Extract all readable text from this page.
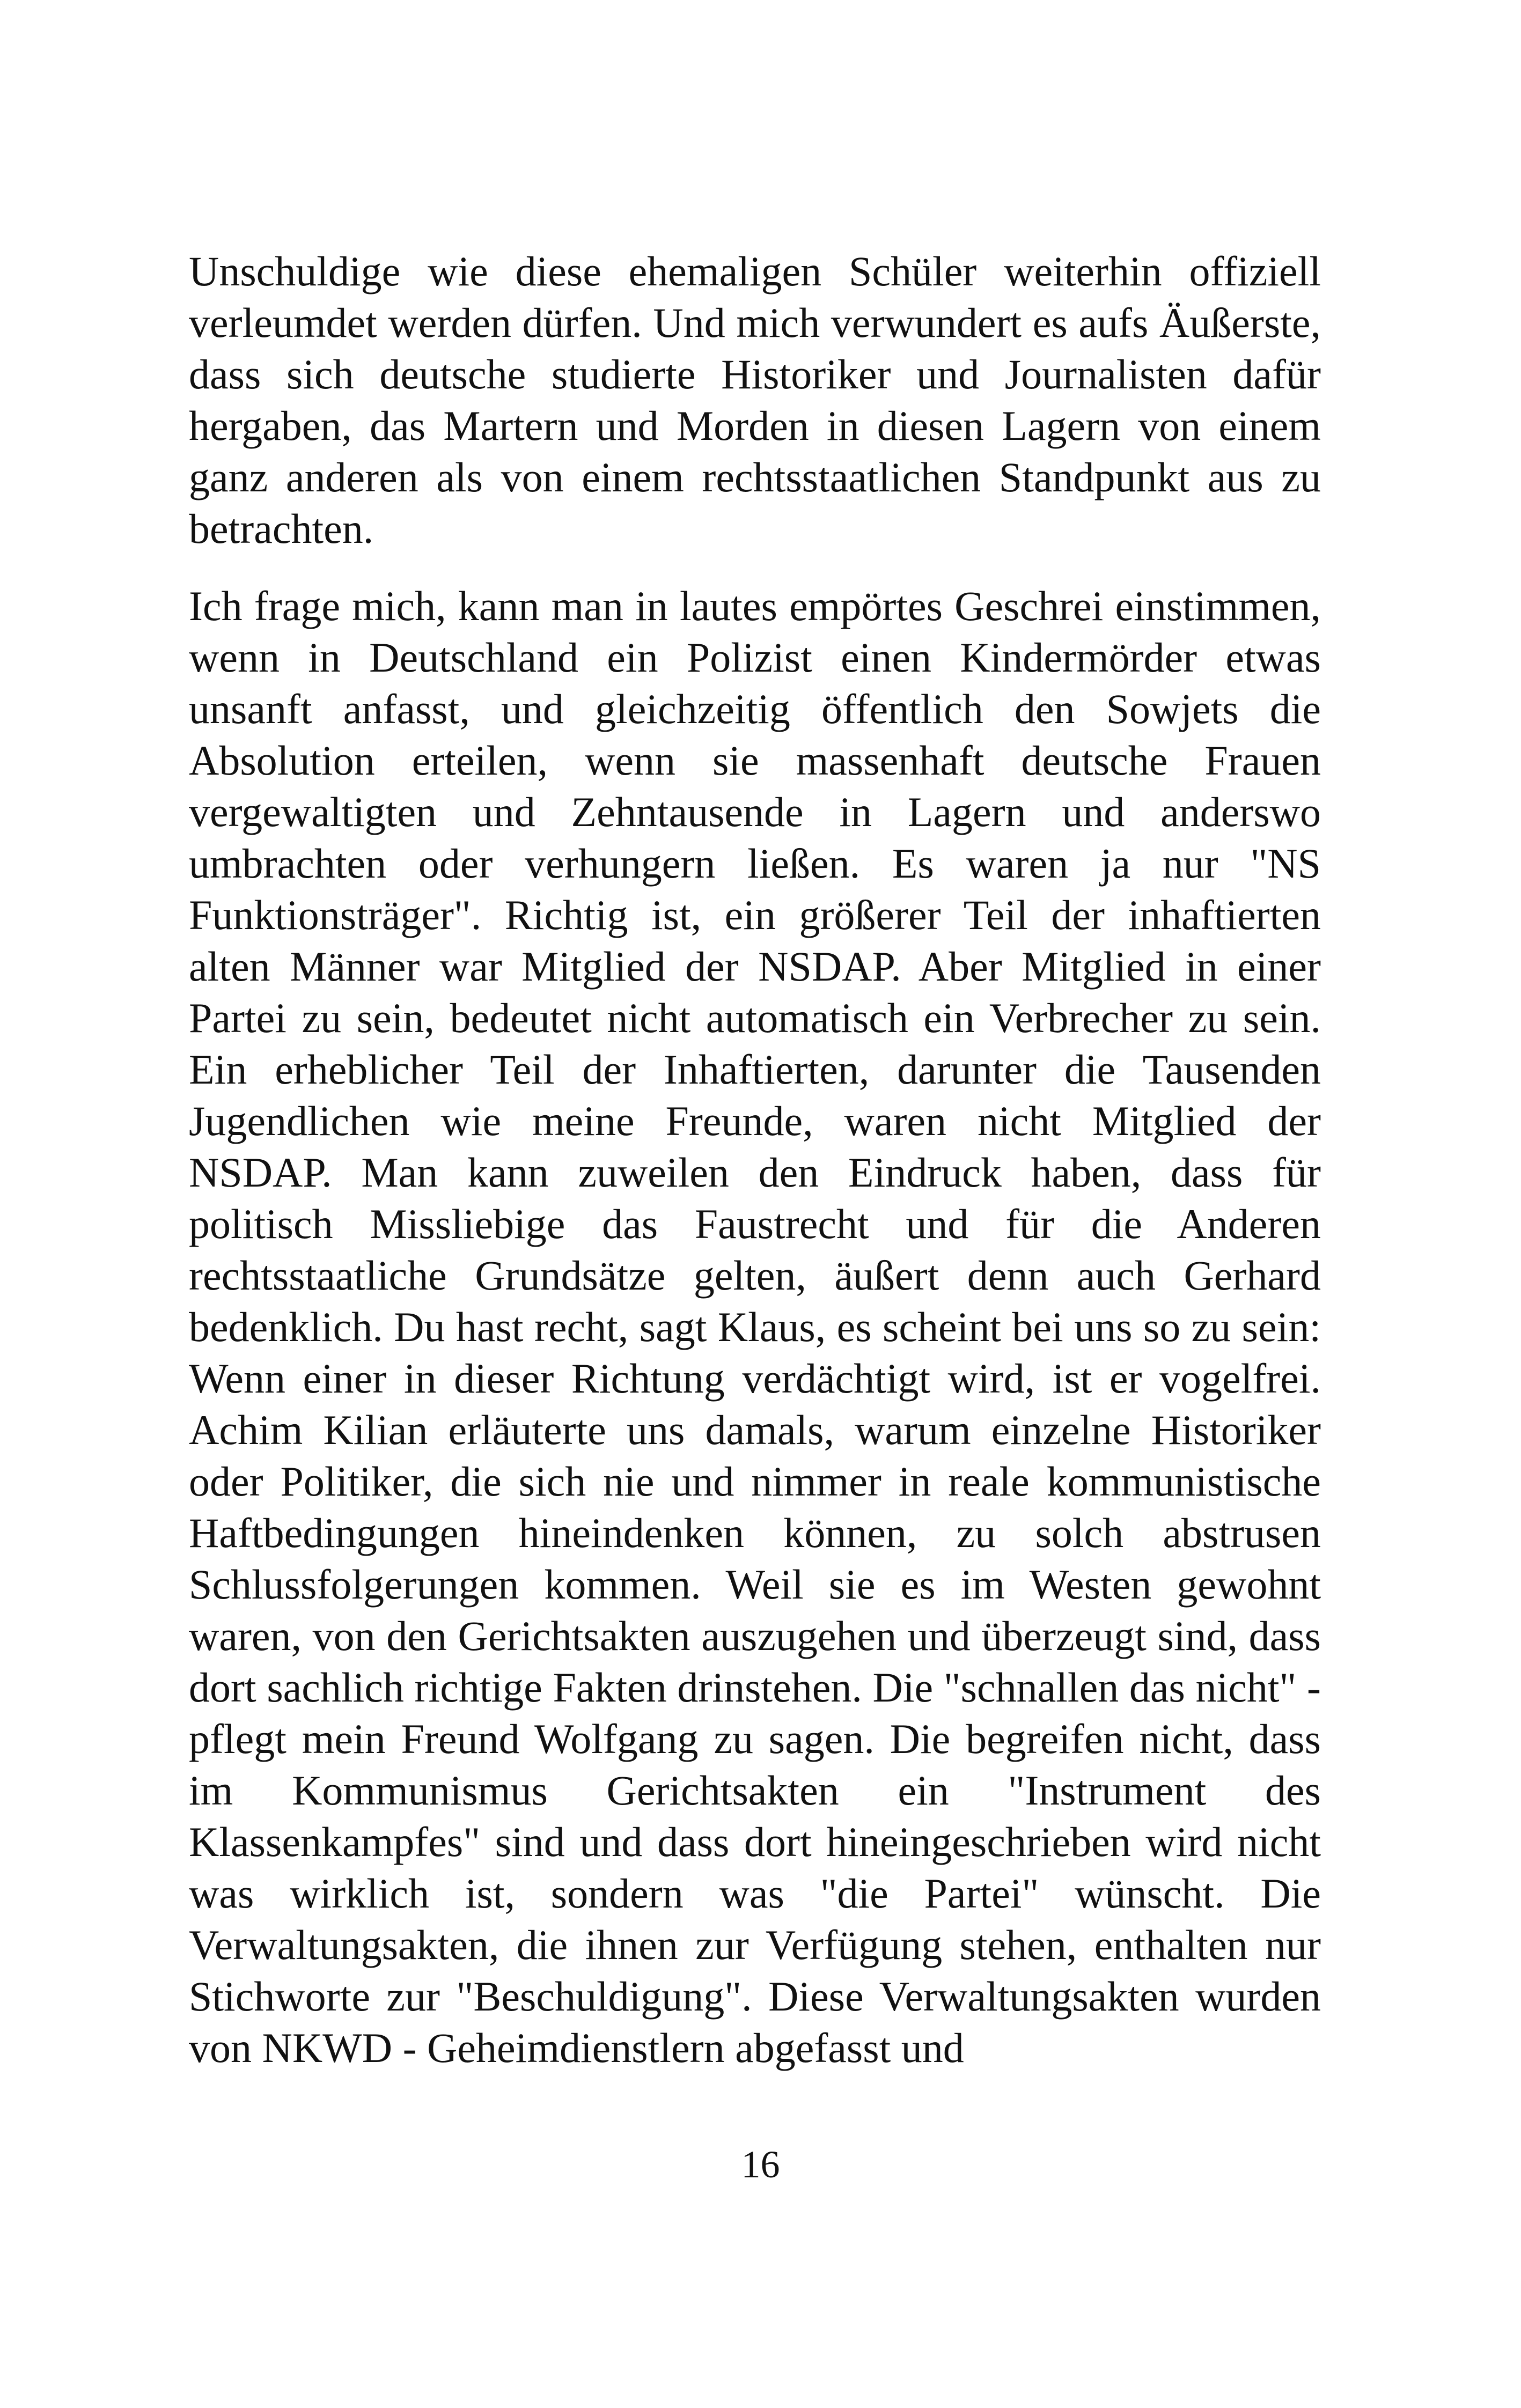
Unschuldige wie diese ehemaligen Schüler weiterhin offiziell verleumdet werden dürfen. Und mich verwundert es aufs Äußerste, dass sich deutsche studierte Historiker und Journalisten dafür hergaben, das Martern und Morden in diesen Lagern von einem ganz anderen als von einem rechtsstaatlichen Standpunkt aus zu betrachten.

Ich frage mich, kann man in lautes empörtes Geschrei einstimmen, wenn in Deutschland ein Polizist einen Kindermörder etwas unsanft anfasst, und gleichzeitig öffentlich den Sowjets die Absolution erteilen, wenn sie massenhaft deutsche Frauen vergewaltigten und Zehntausende in Lagern und anderswo umbrachten oder verhungern ließen. Es waren ja nur "NS Funktionsträger". Richtig ist, ein größerer Teil der inhaftierten alten Männer war Mitglied der NSDAP. Aber Mitglied in einer Partei zu sein, bedeutet nicht automatisch ein Verbrecher zu sein. Ein erheblicher Teil der Inhaftierten, darunter die Tausenden Jugendlichen wie meine Freunde, waren nicht Mitglied der NSDAP. Man kann zuweilen den Eindruck haben, dass für politisch Missliebige das Faustrecht und für die Anderen rechtsstaatliche Grundsätze gelten, äußert denn auch Gerhard bedenklich. Du hast recht, sagt Klaus, es scheint bei uns so zu sein: Wenn einer in dieser Richtung verdächtigt wird, ist er vogelfrei. Achim Kilian erläuterte uns damals, warum einzelne Historiker oder Politiker, die sich nie und nimmer in reale kommunistische Haftbedingungen hineindenken können, zu solch abstrusen Schlussfolgerungen kommen. Weil sie es im Westen gewohnt waren, von den Gerichtsakten auszugehen und überzeugt sind, dass dort sachlich richtige Fakten drinstehen. Die "schnallen das nicht" - pflegt mein Freund Wolfgang zu sagen. Die begreifen nicht, dass im Kommunismus Gerichtsakten ein "Instrument des Klassenkampfes" sind und dass dort hineingeschrieben wird nicht was wirklich ist, sondern was "die Partei" wünscht. Die Verwaltungsakten, die ihnen zur Verfügung stehen, enthalten nur Stichworte zur "Beschuldigung". Diese Verwaltungsakten wurden von NKWD - Geheimdienstlern abgefasst und

16
